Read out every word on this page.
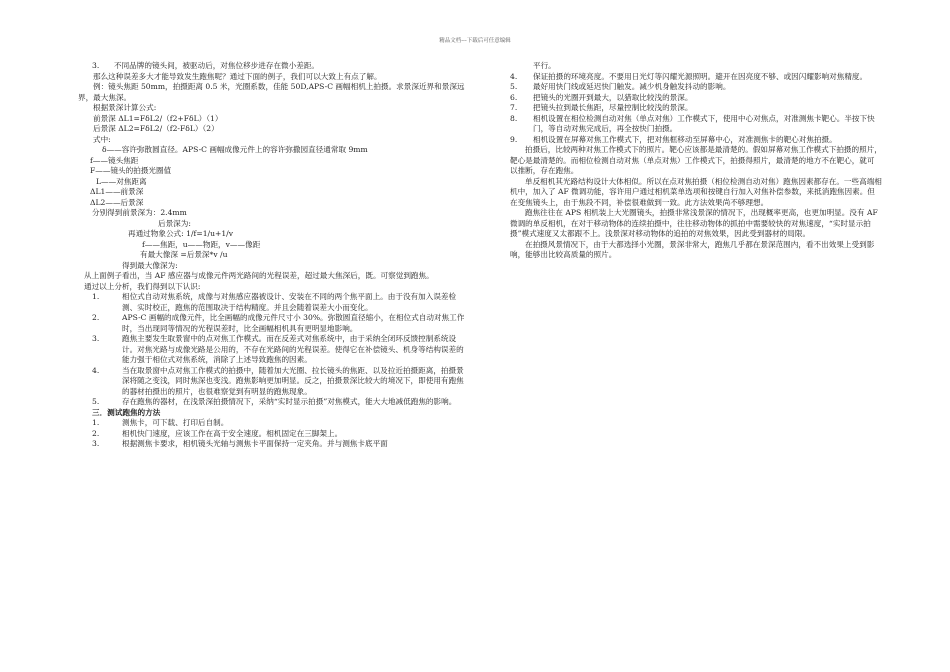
精品文档---下载后可任意编辑
3.	不同品牌的镜头间，被驱动后，对焦位移步进存在微小差距。

那么这种误差多大才能导致发生跑焦呢？通过下面的例子，我们可以大致上有点了解。

例：镜头焦距 50mm，拍摄距离 0.5 米，光圈系数，佳能 50D,APS-C 画幅相机上拍摄。求景深近界和景深远界，最大焦深。

根据景深计算公式:

前景深 ΔL1=FδL2/（f2+FδL）（1）

后景深 ΔL2=FδL2/（f2-FδL）（2）

式中:

δ——容许弥散圆直径。APS-C 画幅成像元件上的容许弥撒园直径通常取 9mm

f——镜头焦距

F——镜头的拍摄光圈值

L——对焦距离

ΔL1——前景深

ΔL2——后景深

分别得到前景深为：2.4mm

后景深为:

再通过物象公式: 1/f=1/u+1/v

f——焦距，u——物距，v——像距

有最大像深 =后景深*v /u

得到最大像深为:

从上面例子看出，当 AF 感应器与成像元件两光路间的光程误差，超过最大焦深后，既。可察觉到跑焦。

通过以上分析，我们得到以下认识:

1.	相位式自动对焦系统，成像与对焦感应器被设计、安装在不同的两个焦平面上。由于没有加入误差检测、实时校正，跑焦的范围取决于结构精度。并且会随着误差大小而变化。
2.	APS-C 画幅的成像元件，比全画幅的成像元件尺寸小 30%。弥散圆直径缩小，在相位式自动对焦工作时，当出现同等情况的光程误差时，比全画幅相机具有更明显地影响。
3.	跑焦主要发生取景窗中的点对焦工作模式。而在反差式对焦系统中，由于采纳全闭环反馈控制系统设计。对焦光路与成像光路是公用的，不存在光路间的光程误差。使得它在补偿镜头、机身等结构误差的能力强于相位式对焦系统，消除了上述导致跑焦的因素。
4.	当在取景窗中点对焦工作模式的拍摄中，随着加大光圈、拉长镜头的焦距、以及拉近拍摄距离，拍摄景深将随之变浅，同时焦深也变浅。跑焦影响更加明显。反之，拍摄景深比较大的境况下，即使用有跑焦的器材拍摄出的照片，也很难察觉到有明显的跑焦现象。
5.	存在跑焦的器材，在浅景深拍摄情况下，采纳“实时显示拍摄”对焦模式，能大大地减低跑焦的影响。

三．测试跑焦的方法

1.	测焦卡，可下载、打印后自制。
2.	相机快门速度，应该工作在高于安全速度。相机固定在三脚架上。
3.	根据测焦卡要求，相机镜头光轴与测焦卡平面保持一定夹角。并与测焦卡底平面

平行。

4.	保证拍摄的环境亮度。不要用日光灯等闪耀光源照明。避开在因亮度不够、或因闪耀影响对焦精度。
5.	最好用快门线或延迟快门触发。减少机身触发抖动的影响。
6.	把镜头的光圈开到最大，以猎取比较浅的景深。
7.	把镜头拉到最长焦距，尽量控制比较浅的景深。
8.	相机设置在相位检测自动对焦（单点对焦）工作模式下，使用中心对焦点，对准测焦卡靶心。半按下快门，等自动对焦完成后，再全按快门拍摄。
9.	相机设置在屏幕对焦工作模式下，把对焦框移动至屏幕中心，对准测焦卡的靶心对焦拍摄。

拍摄后，比较两种对焦工作模式下的照片。靶心应该都是最清楚的。假如屏幕对焦工作模式下拍摄的照片，靶心是最清楚的。而相位检测自动对焦（单点对焦）工作模式下，拍摄得照片，最清楚的地方不在靶心，就可以推断，存在跑焦。

单反相机其光路结构设计大体相似。所以在点对焦拍摄（相位检测自动对焦）跑焦因素都存在。一些高端相机中，加入了 AF 微调功能，容许用户通过相机菜单选项和按键自行加入对焦补偿参数，来抵消跑焦因素。但在变焦镜头上，由于焦段不同，补偿很难做到一致。此方法效果尚不够理想。

跑焦往往在 APS 相机装上大光圈镜头，拍摄非常浅景深的情况下，出现概率更高，也更加明显。没有 AF 微调的单反相机，在对于移动物体的连续拍摄中，往往移动物体的抓拍中需要较快的对焦速度，“实时显示拍摄”模式速度又太都跟不上。浅景深对移动物体的追拍的对焦效果，因此受到器材的局限。

在拍摄风景情况下，由于大都选择小光圈，景深非常大，跑焦几乎都在景深范围内，看不出效果上受到影响，能够出比较高质量的照片。
